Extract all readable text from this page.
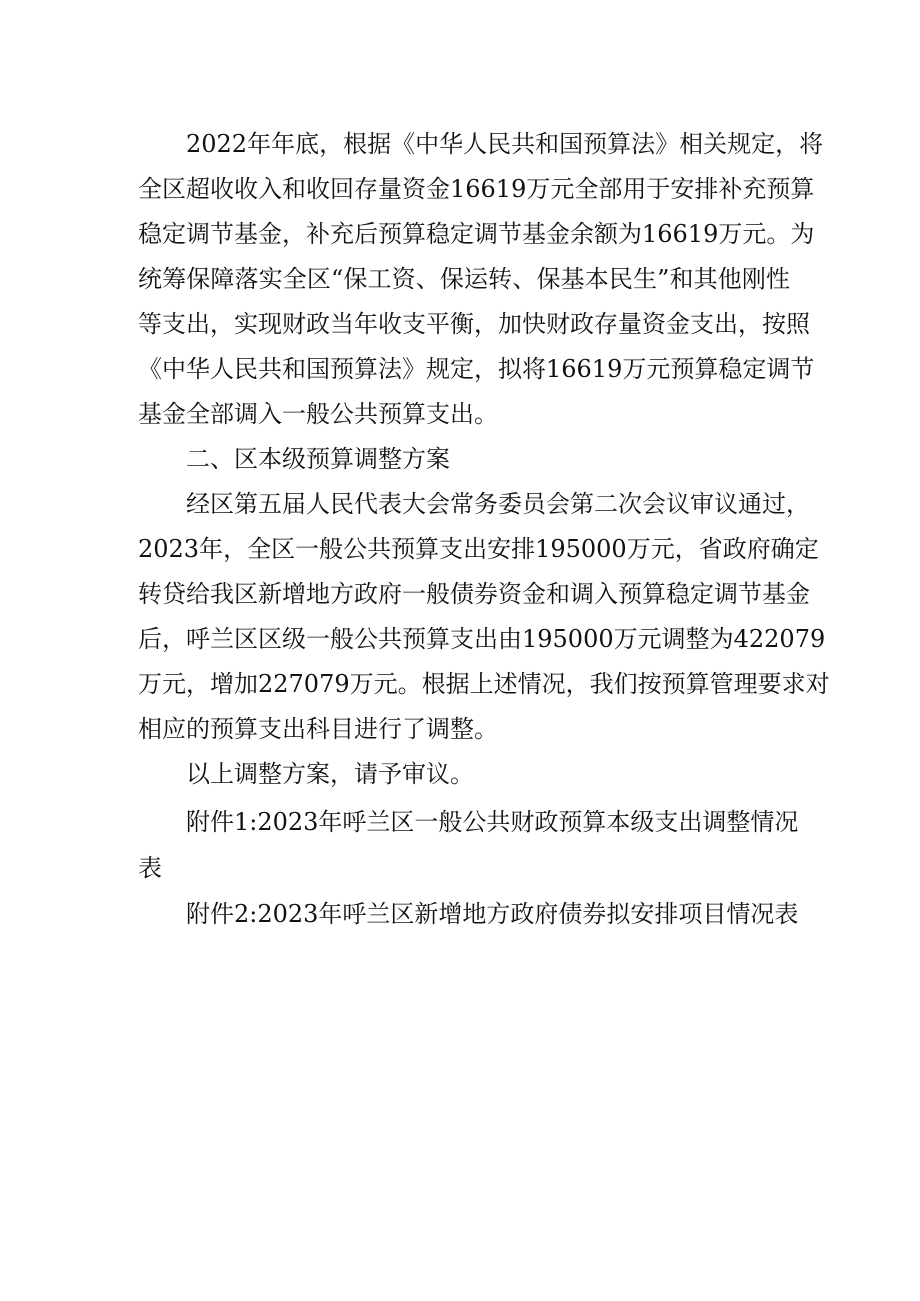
2022年年底，根据《中华人民共和国预算法》相关规定，将

全区超收收入和收回存量资金16619万元全部用于安排补充预算

稳定调节基金，补充后预算稳定调节基金余额为16619万元。为

统筹保障落实全区“保工资、保运转、保基本民生”和其他刚性

等支出，实现财政当年收支平衡，加快财政存量资金支出，按照

《中华人民共和国预算法》规定，拟将16619万元预算稳定调节

基金全部调入一般公共预算支出。

二、区本级预算调整方案

经区第五届人民代表大会常务委员会第二次会议审议通过，

2023年，全区一般公共预算支出安排195000万元，省政府确定

转贷给我区新增地方政府一般债券资金和调入预算稳定调节基金

后，呼兰区区级一般公共预算支出由195000万元调整为422079

万元，增加227079万元。根据上述情况，我们按预算管理要求对

相应的预算支出科目进行了调整。

以上调整方案，请予审议。

附件1:2023年呼兰区一般公共财政预算本级支出调整情况

表

附件2:2023年呼兰区新增地方政府债券拟安排项目情况表
